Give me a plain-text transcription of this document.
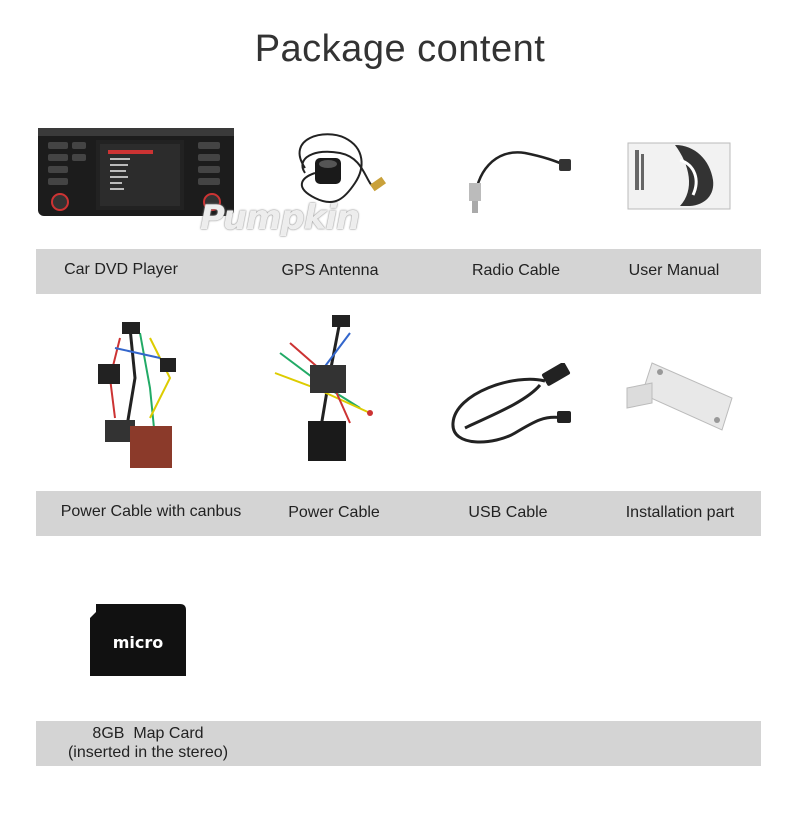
Package content
Pumpkin
Car DVD Player	GPS Antenna	Radio Cable	User Manual
Power Cable with canbus	Power Cable	USB Cable	Installation part
micro
8GB  Map Card
(inserted in the stereo)
